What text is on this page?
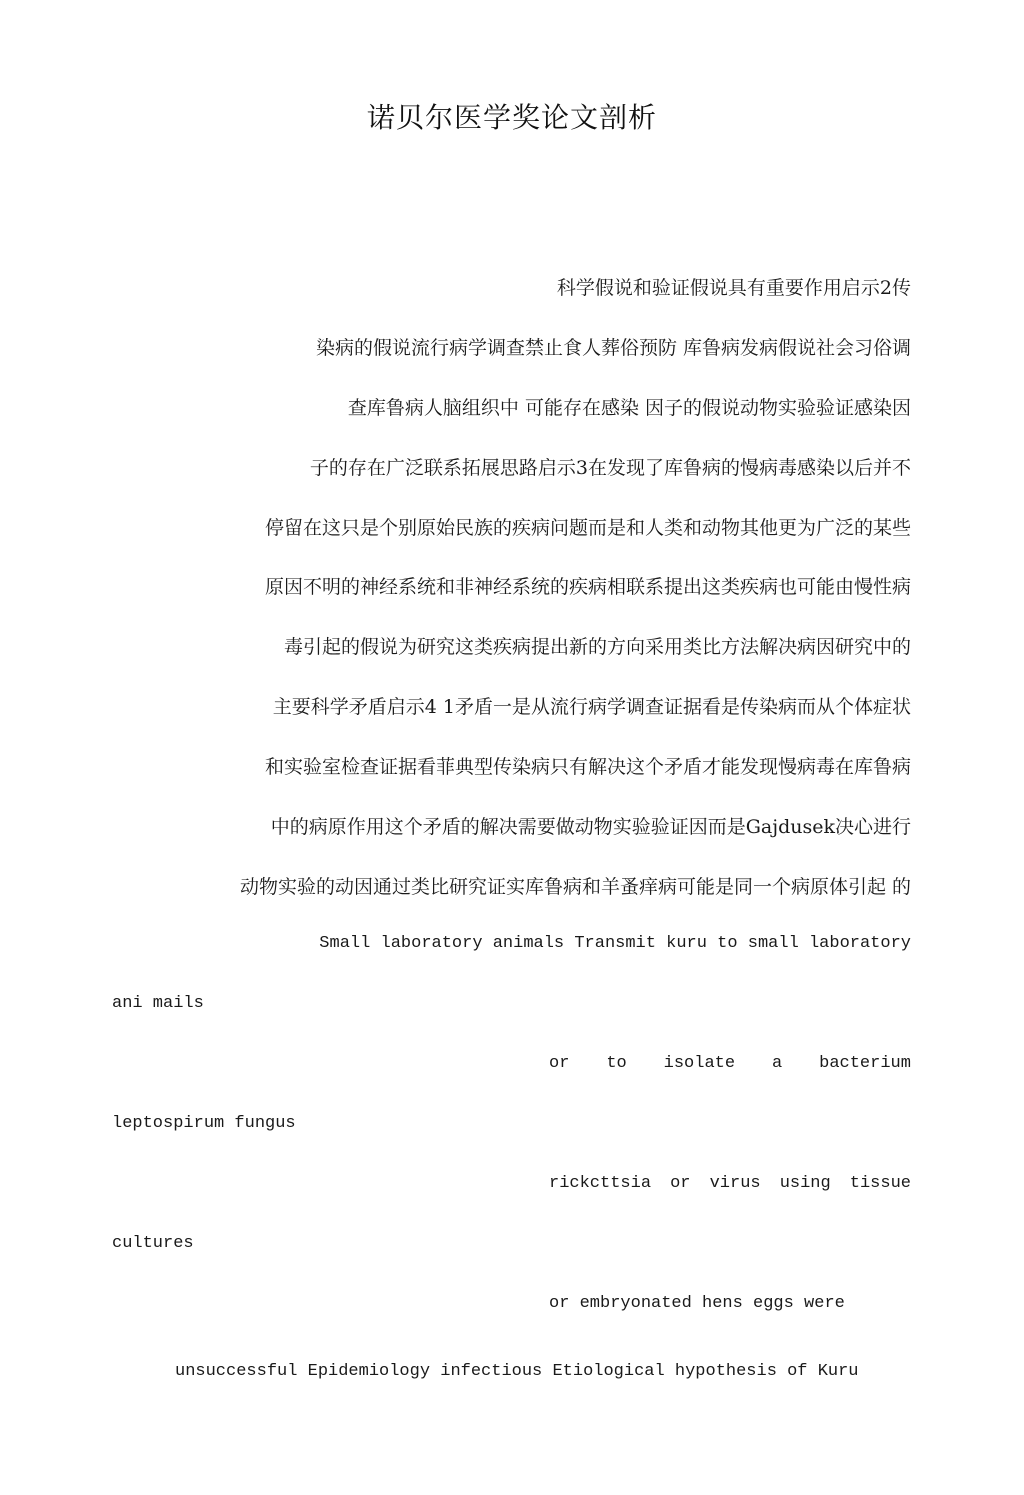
诺贝尔医学奖论文剖析
科学假说和验证假说具有重要作用启示2传
染病的假说流行病学调查禁止食人葬俗预防 库鲁病发病假说社会习俗调
查库鲁病人脑组织中 可能存在感染 因子的假说动物实验验证感染因
子的存在广泛联系拓展思路启示3在发现了库鲁病的慢病毒感染以后并不
停留在这只是个别原始民族的疾病问题而是和人类和动物其他更为广泛的某些
原因不明的神经系统和非神经系统的疾病相联系提出这类疾病也可能由慢性病
毒引起的假说为研究这类疾病提出新的方向采用类比方法解决病因研究中的
主要科学矛盾启示4 1矛盾一是从流行病学调查证据看是传染病而从个体症状
和实验室检查证据看菲典型传染病只有解决这个矛盾才能发现慢病毒在库鲁病
中的病原作用这个矛盾的解决需要做动物实验验证因而是Gajdusek决心进行
动物实验的动因通过类比研究证实库鲁病和羊蚤痒病可能是同一个病原体引起 的
Small laboratory animals Transmit kuru to small laboratory
ani mails
or to isolate a bacterium
leptospirum fungus
rickcttsia or virus using tissue
cultures
or embryonated hens eggs were
unsuccessful Epidemiology infectious Etiological hypothesis of Kuru
